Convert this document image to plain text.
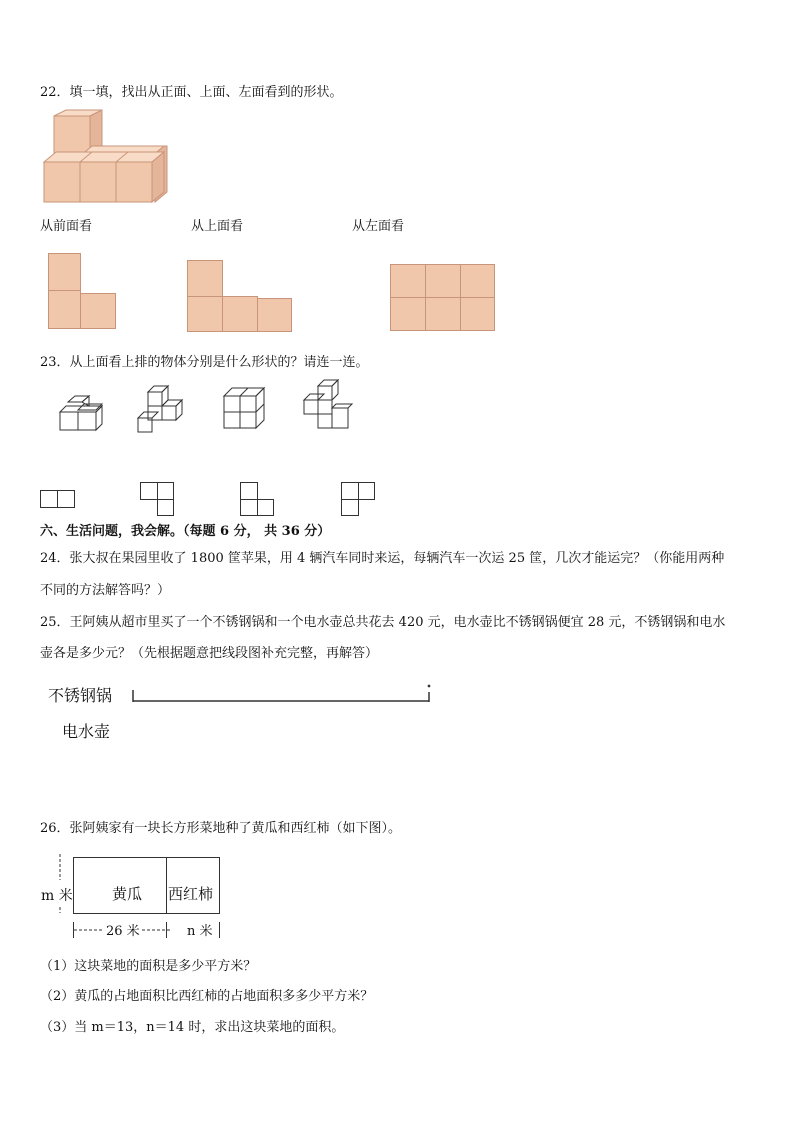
22．填一填，找出从正面、上面、左面看到的形状。
从前面看	从上面看	从左面看
23．从上面看上排的物体分别是什么形状的？请连一连。
六、生活问题，我会解。（每题 6 分， 共 36 分）
24．张大叔在果园里收了 1800 筐苹果，用 4 辆汽车同时来运，每辆汽车一次运 25 筐，几次才能运完？（你能用两种
不同的方法解答吗？）
25．王阿姨从超市里买了一个不锈钢锅和一个电水壶总共花去 420 元，电水壶比不锈钢锅便宜 28 元，不锈钢锅和电水
壶各是多少元？（先根据题意把线段图补充完整，再解答）
不锈钢锅
电水壶
26．张阿姨家有一块长方形菜地种了黄瓜和西红柿（如下图）。
m 米	黄瓜 西红柿
26 米	n 米
（1）这块菜地的面积是多少平方米？
（2）黄瓜的占地面积比西红柿的占地面积多多少平方米？
（3）当 m＝13，n＝14 时，求出这块菜地的面积。
